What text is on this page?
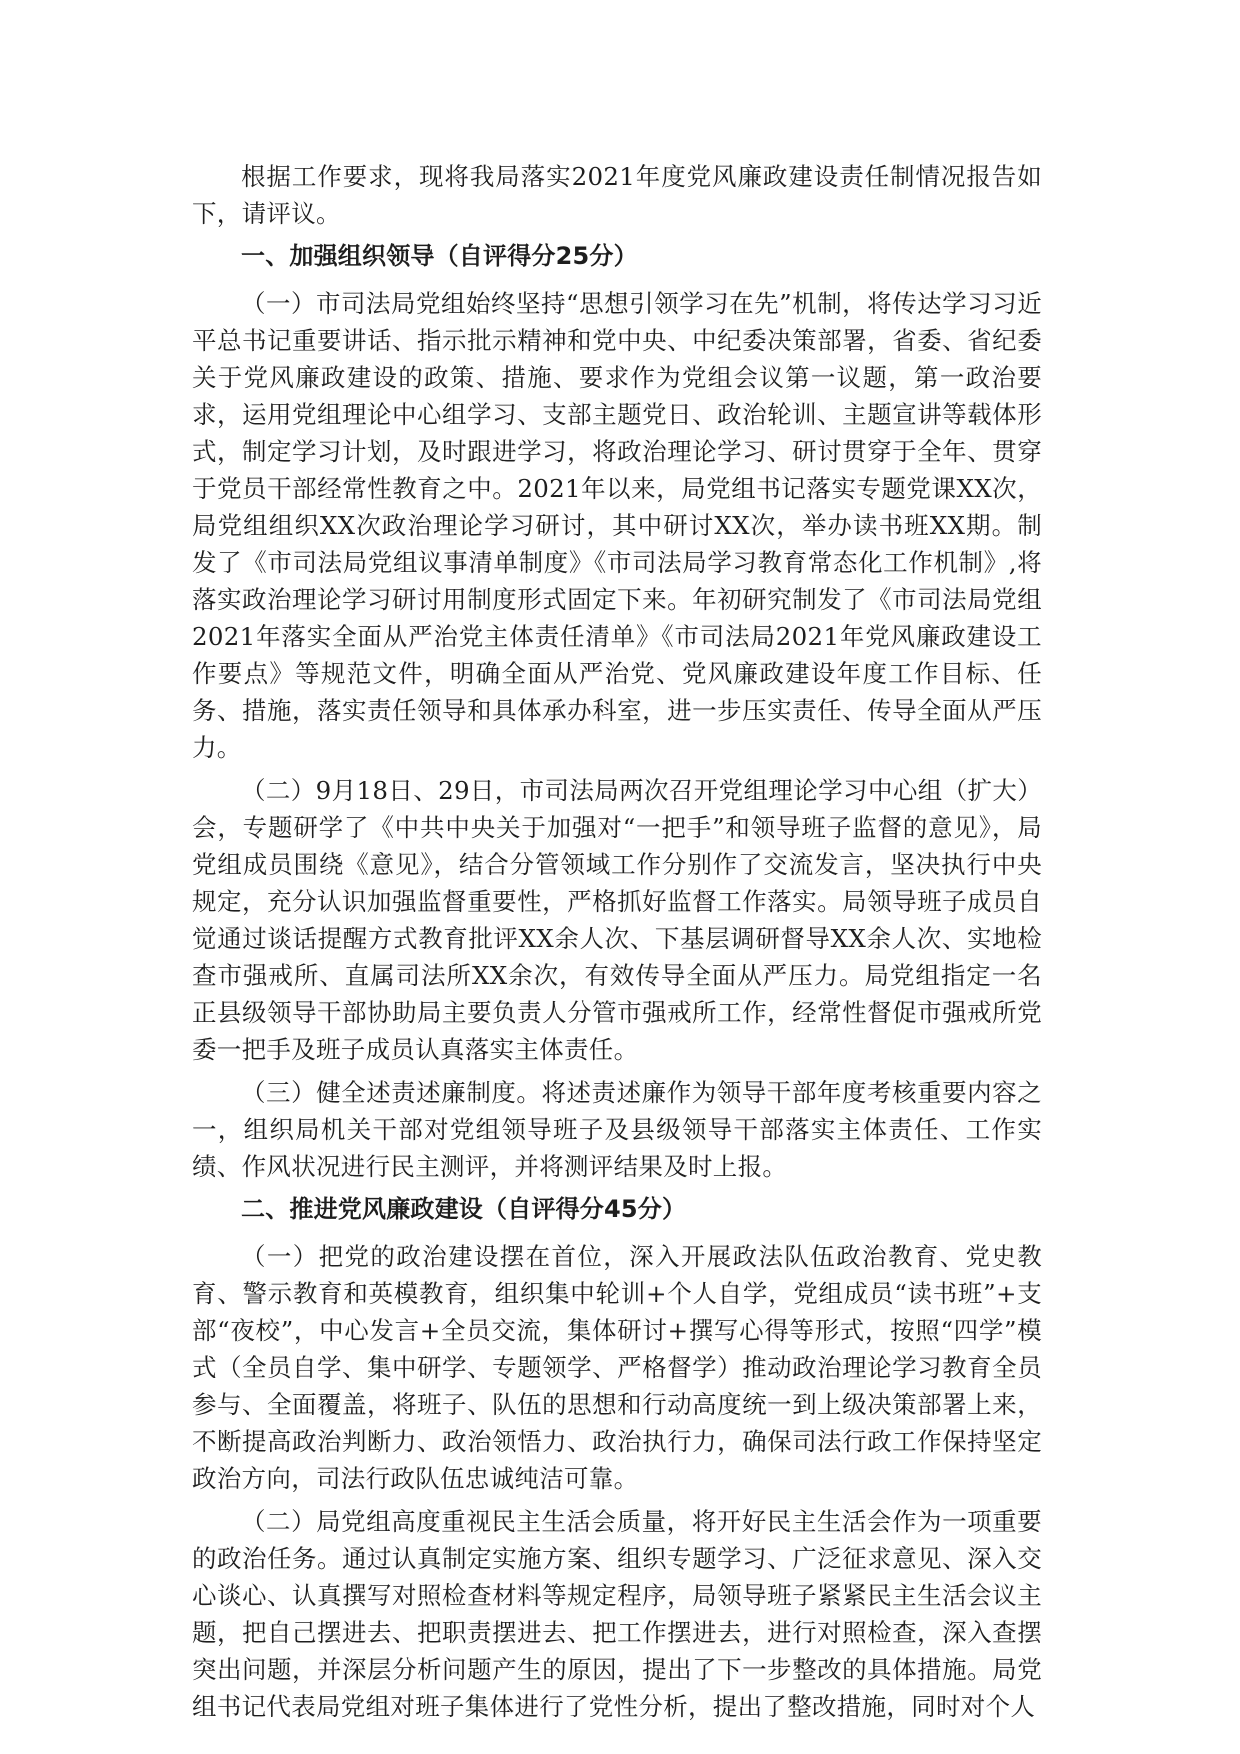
根据工作要求，现将我局落实2021年度党风廉政建设责任制情况报告如下，请评议。

一、加强组织领导（自评得分25分）

（一）市司法局党组始终坚持“思想引领学习在先”机制，将传达学习习近平总书记重要讲话、指示批示精神和党中央、中纪委决策部署，省委、省纪委关于党风廉政建设的政策、措施、要求作为党组会议第一议题，第一政治要求，运用党组理论中心组学习、支部主题党日、政治轮训、主题宣讲等载体形式，制定学习计划，及时跟进学习，将政治理论学习、研讨贯穿于全年、贯穿于党员干部经常性教育之中。2021年以来，局党组书记落实专题党课XX次，局党组组织XX次政治理论学习研讨，其中研讨XX次，举办读书班XX期。制发了《市司法局党组议事清单制度》《市司法局学习教育常态化工作机制》,将落实政治理论学习研讨用制度形式固定下来。年初研究制发了《市司法局党组2021年落实全面从严治党主体责任清单》《市司法局2021年党风廉政建设工作要点》等规范文件，明确全面从严治党、党风廉政建设年度工作目标、任务、措施，落实责任领导和具体承办科室，进一步压实责任、传导全面从严压力。

（二）9月18日、29日，市司法局两次召开党组理论学习中心组（扩大）会，专题研学了《中共中央关于加强对“一把手”和领导班子监督的意见》，局党组成员围绕《意见》，结合分管领域工作分别作了交流发言，坚决执行中央规定，充分认识加强监督重要性，严格抓好监督工作落实。局领导班子成员自觉通过谈话提醒方式教育批评XX余人次、下基层调研督导XX余人次、实地检查市强戒所、直属司法所XX余次，有效传导全面从严压力。局党组指定一名正县级领导干部协助局主要负责人分管市强戒所工作，经常性督促市强戒所党委一把手及班子成员认真落实主体责任。

（三）健全述责述廉制度。将述责述廉作为领导干部年度考核重要内容之一，组织局机关干部对党组领导班子及县级领导干部落实主体责任、工作实绩、作风状况进行民主测评，并将测评结果及时上报。

二、推进党风廉政建设（自评得分45分）

（一）把党的政治建设摆在首位，深入开展政法队伍政治教育、党史教育、警示教育和英模教育，组织集中轮训+个人自学，党组成员“读书班”+支部“夜校”，中心发言+全员交流，集体研讨+撰写心得等形式，按照“四学”模式（全员自学、集中研学、专题领学、严格督学）推动政治理论学习教育全员参与、全面覆盖，将班子、队伍的思想和行动高度统一到上级决策部署上来，不断提高政治判断力、政治领悟力、政治执行力，确保司法行政工作保持坚定政治方向，司法行政队伍忠诚纯洁可靠。

（二）局党组高度重视民主生活会质量，将开好民主生活会作为一项重要的政治任务。通过认真制定实施方案、组织专题学习、广泛征求意见、深入交心谈心、认真撰写对照检查材料等规定程序，局领导班子紧紧民主生活会议主题，把自己摆进去、把职责摆进去、把工作摆进去，进行对照检查，深入查摆突出问题，并深层分析问题产生的原因，提出了下一步整改的具体措施。局党组书记代表局党组对班子集体进行了党性分析，提出了整改措施，同时对个人
